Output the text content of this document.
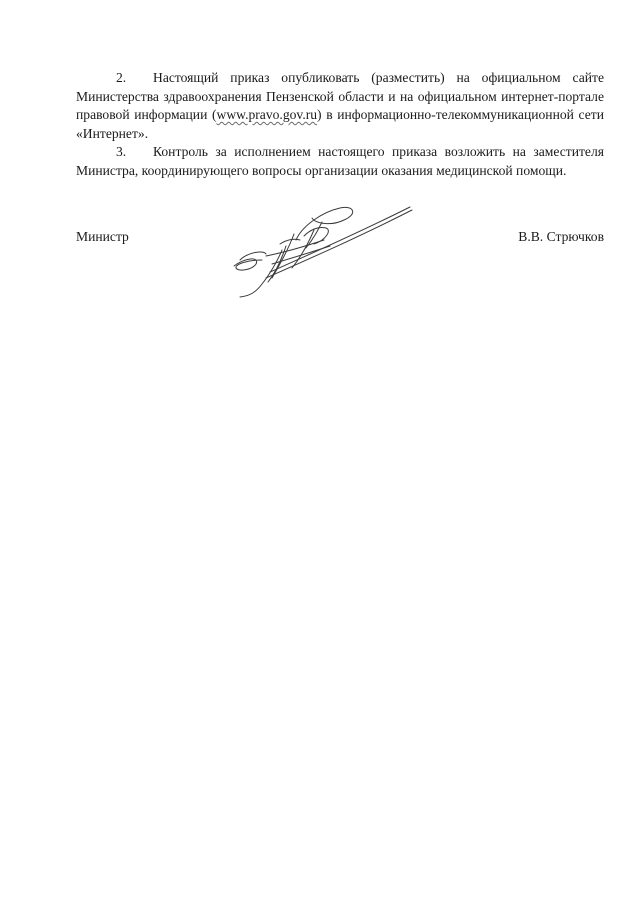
2. Настоящий приказ опубликовать (разместить) на официальном сайте Министерства здравоохранения Пензенской области и на официальном интернет-портале правовой информации (www.pravo.gov.ru) в информационно-телекоммуникационной сети «Интернет».

3. Контроль за исполнением настоящего приказа возложить на заместителя Министра, координирующего вопросы организации оказания медицинской помощи.

Министр	В.В. Стрючков
